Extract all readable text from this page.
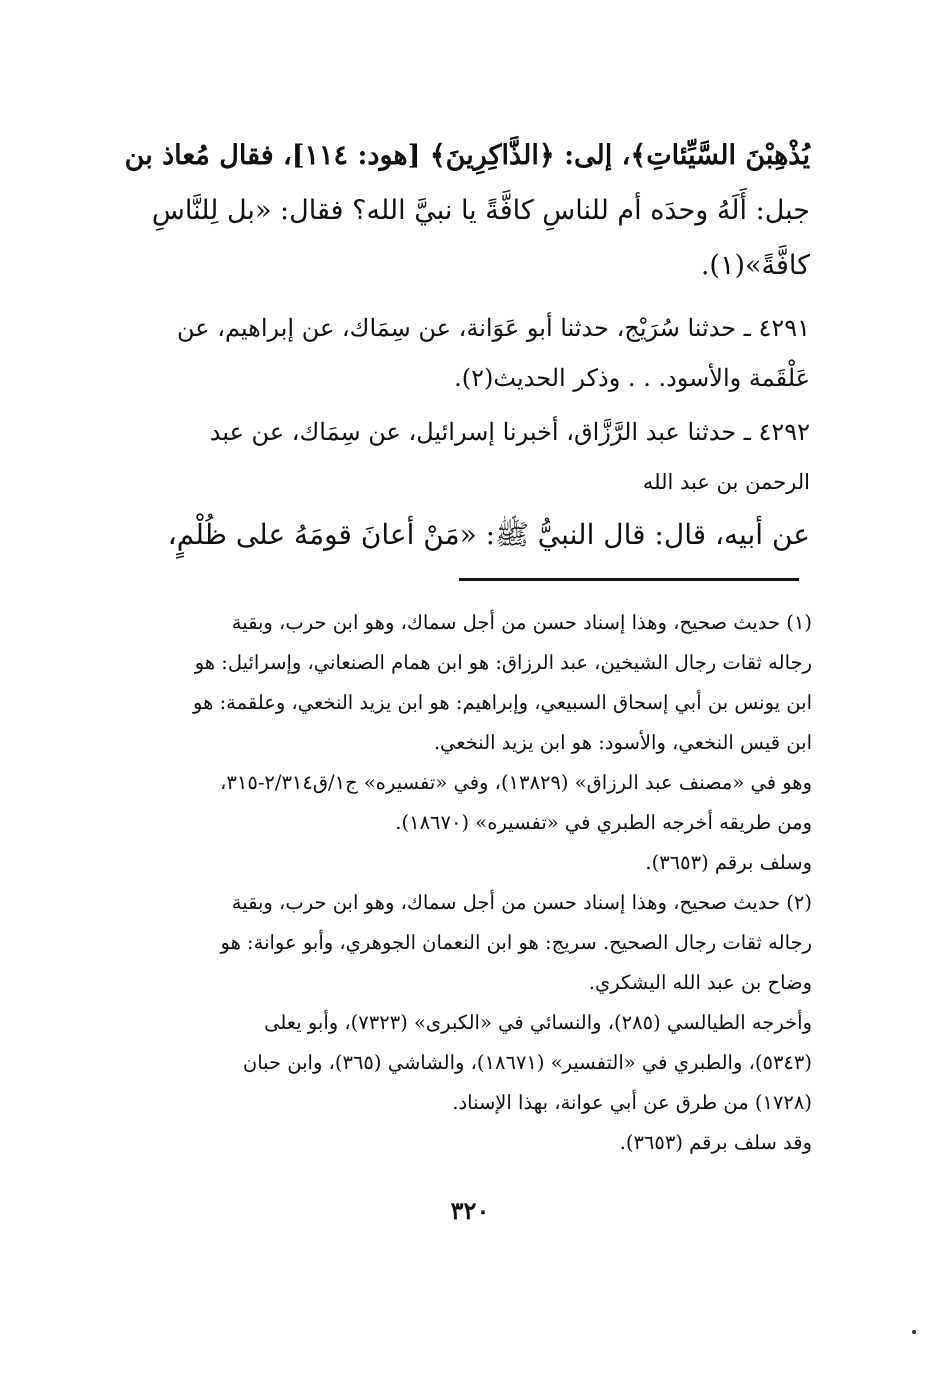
يُذْهِبْنَ السَّيِّئاتِ﴾، إلى: ﴿الذَّاكِرِينَ﴾ [هود: ١١٤]، فقال مُعاذ بن
جبل: أَلَهُ وحدَه أم للناسِ كافَّةً يا نبيَّ الله؟ فقال: «بل لِلنَّاسِ
كافَّةً»(١).
٤٢٩١ ـ حدثنا سُرَيْج، حدثنا أبو عَوَانة، عن سِمَاك، عن إبراهيم، عن
عَلْقَمة والأسود. . . وذكر الحديث(٢).
٤٢٩٢ ـ حدثنا عبد الرَّزَّاق، أخبرنا إسرائيل، عن سِمَاك، عن عبد
الرحمن بن عبد الله
عن أبيه، قال: قال النبيُّ ﷺ: «مَنْ أعانَ قومَهُ على ظُلْمٍ،

(١) حديث صحيح، وهذا إسناد حسن من أجل سماك، وهو ابن حرب، وبقية

رجاله ثقات رجال الشيخين، عبد الرزاق: هو ابن همام الصنعاني، وإسرائيل: هو

ابن يونس بن أبي إسحاق السبيعي، وإبراهيم: هو ابن يزيد النخعي، وعلقمة: هو

ابن قيس النخعي، والأسود: هو ابن يزيد النخعي.

وهو في «مصنف عبد الرزاق» (١٣٨٢٩)، وفي «تفسيره» ج١/ق٢/٣١٤-٣١٥،

ومن طريقه أخرجه الطبري في «تفسيره» (١٨٦٧٠).

وسلف برقم (٣٦٥٣).

(٢) حديث صحيح، وهذا إسناد حسن من أجل سماك، وهو ابن حرب، وبقية

رجاله ثقات رجال الصحيح. سريج: هو ابن النعمان الجوهري، وأبو عوانة: هو

وضاح بن عبد الله اليشكري.

وأخرجه الطيالسي (٢٨٥)، والنسائي في «الكبرى» (٧٣٢٣)، وأبو يعلى

(٥٣٤٣)، والطبري في «التفسير» (١٨٦٧١)، والشاشي (٣٦٥)، وابن حبان

(١٧٢٨) من طرق عن أبي عوانة، بهذا الإسناد.

وقد سلف برقم (٣٦٥٣).

٣٢٠
